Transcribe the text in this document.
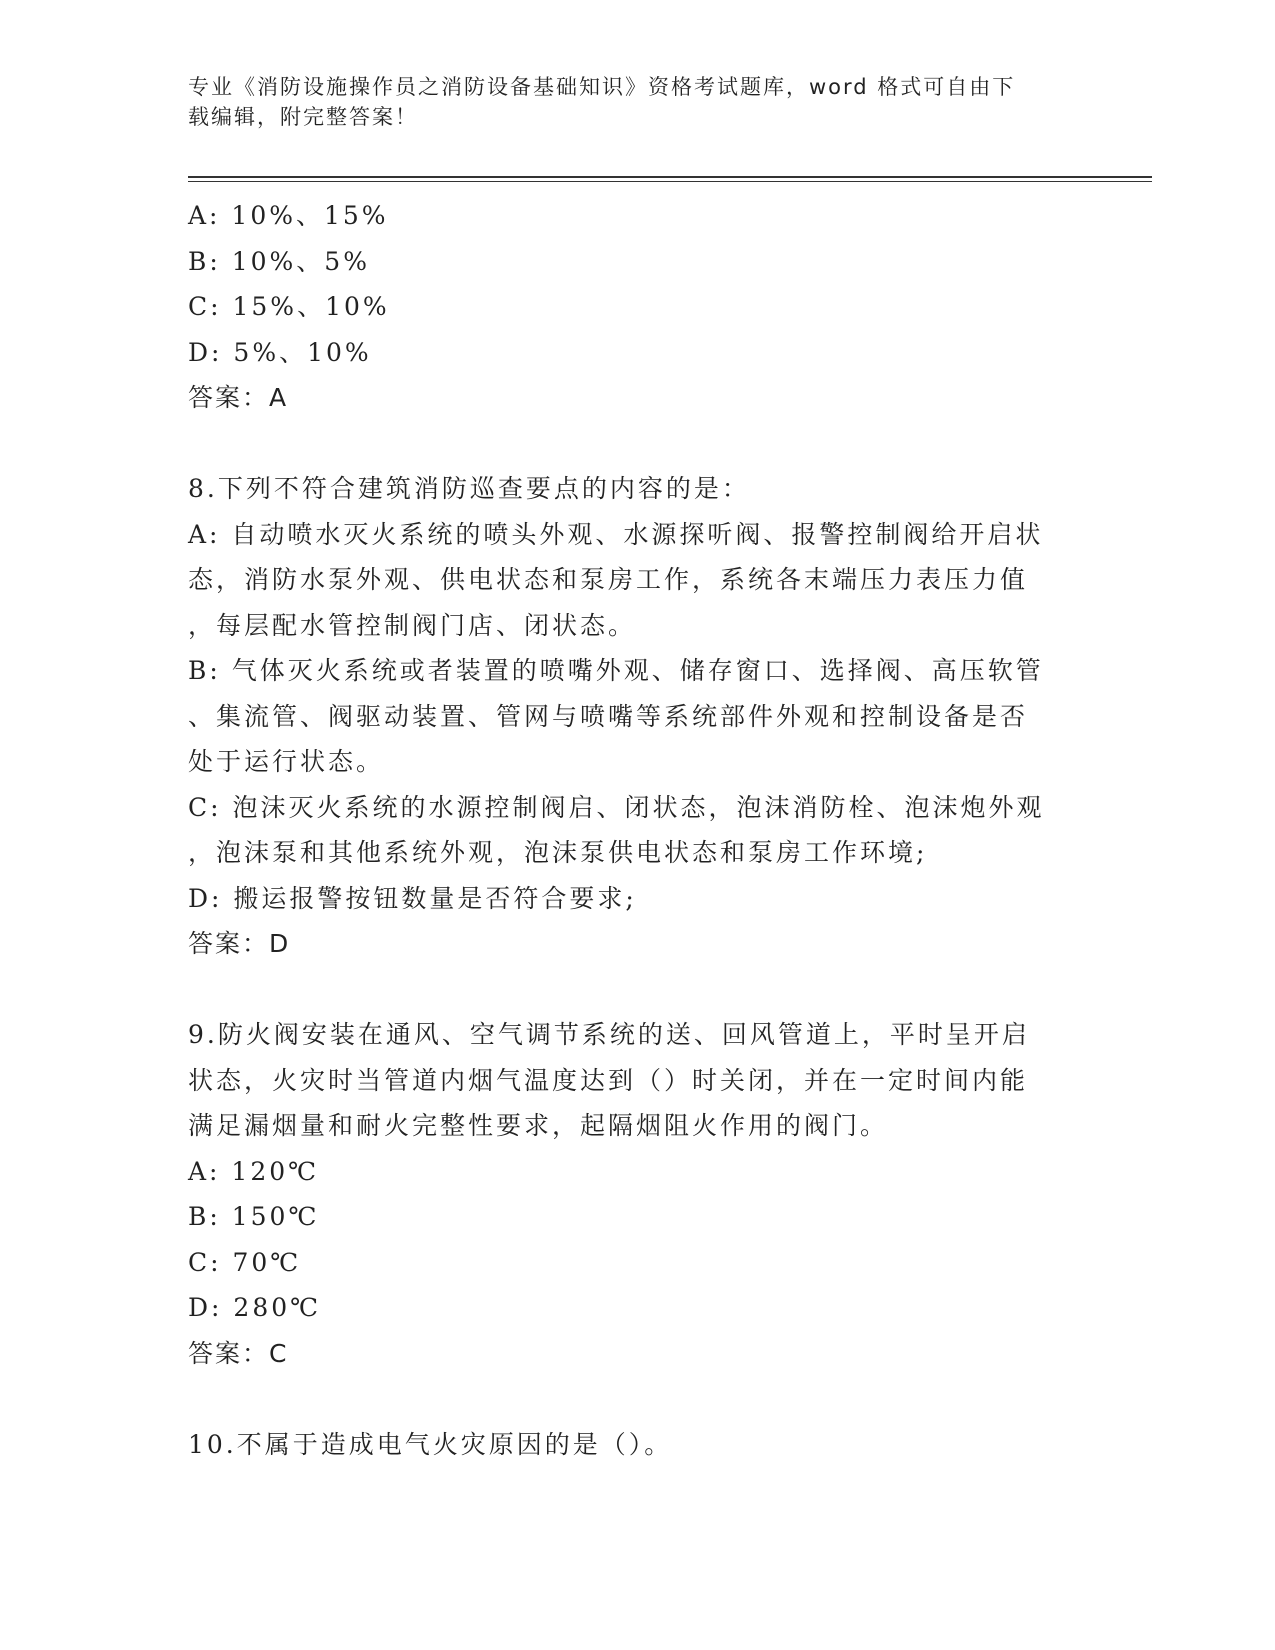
专业《消防设施操作员之消防设备基础知识》资格考试题库，word 格式可自由下
载编辑，附完整答案！
A: 10%、15%
B: 10%、5%
C: 15%、10%
D: 5%、10%
答案：A
8.下列不符合建筑消防巡查要点的内容的是：
A: 自动喷水灭火系统的喷头外观、水源探听阀、报警控制阀给开启状
态，消防水泵外观、供电状态和泵房工作，系统各末端压力表压力值
，每层配水管控制阀门店、闭状态。
B: 气体灭火系统或者装置的喷嘴外观、储存窗口、选择阀、高压软管
、集流管、阀驱动装置、管网与喷嘴等系统部件外观和控制设备是否
处于运行状态。
C: 泡沫灭火系统的水源控制阀启、闭状态，泡沫消防栓、泡沫炮外观
，泡沫泵和其他系统外观，泡沫泵供电状态和泵房工作环境;
D: 搬运报警按钮数量是否符合要求;
答案：D
9.防火阀安装在通风、空气调节系统的送、回风管道上，平时呈开启
状态，火灾时当管道内烟气温度达到（）时关闭，并在一定时间内能
满足漏烟量和耐火完整性要求，起隔烟阻火作用的阀门。
A: 120℃
B: 150℃
C: 70℃
D: 280℃
答案：C
10.不属于造成电气火灾原因的是（）。
